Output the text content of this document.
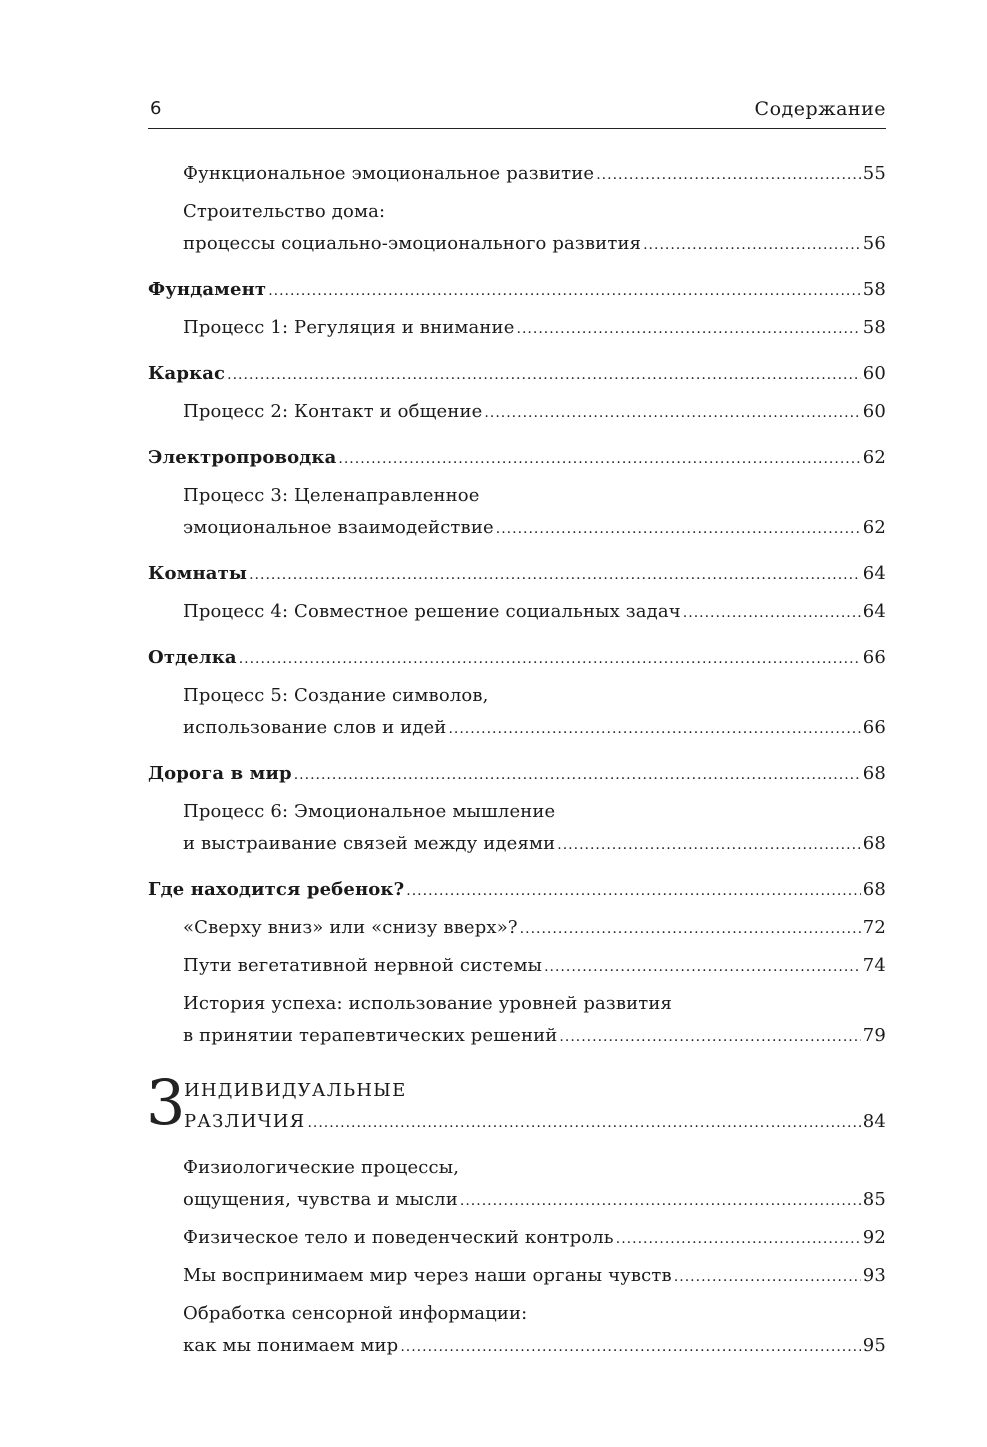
6	Содержание
Функциональное эмоциональное развитие .....	55
Строительство дома:
процессы социально-эмоционального развития .....	56
Фундамент .....	58
Процесс 1: Регуляция и внимание .....	58
Каркас .....	60
Процесс 2: Контакт и общение .....	60
Электропроводка .....	62
Процесс 3: Целенаправленное
эмоциональное взаимодействие .....	62
Комнаты .....	64
Процесс 4: Совместное решение социальных задач .....	64
Отделка .....	66
Процесс 5: Создание символов,
использование слов и идей .....	66
Дорога в мир .....	68
Процесс 6: Эмоциональное мышление
и выстраивание связей между идеями .....	68
Где находится ребенок? .....	68
«Сверху вниз» или «снизу вверх»? .....	72
Пути вегетативной нервной системы .....	74
История успеха: использование уровней развития
в принятии терапевтических решений .....	79
3
ИНДИВИДУАЛЬНЫЕ
РАЗЛИЧИЯ .....	84
Физиологические процессы,
ощущения, чувства и мысли .....	85
Физическое тело и поведенческий контроль .....	92
Мы воспринимаем мир через наши органы чувств .....	93
Обработка сенсорной информации:
как мы понимаем мир .....	95
